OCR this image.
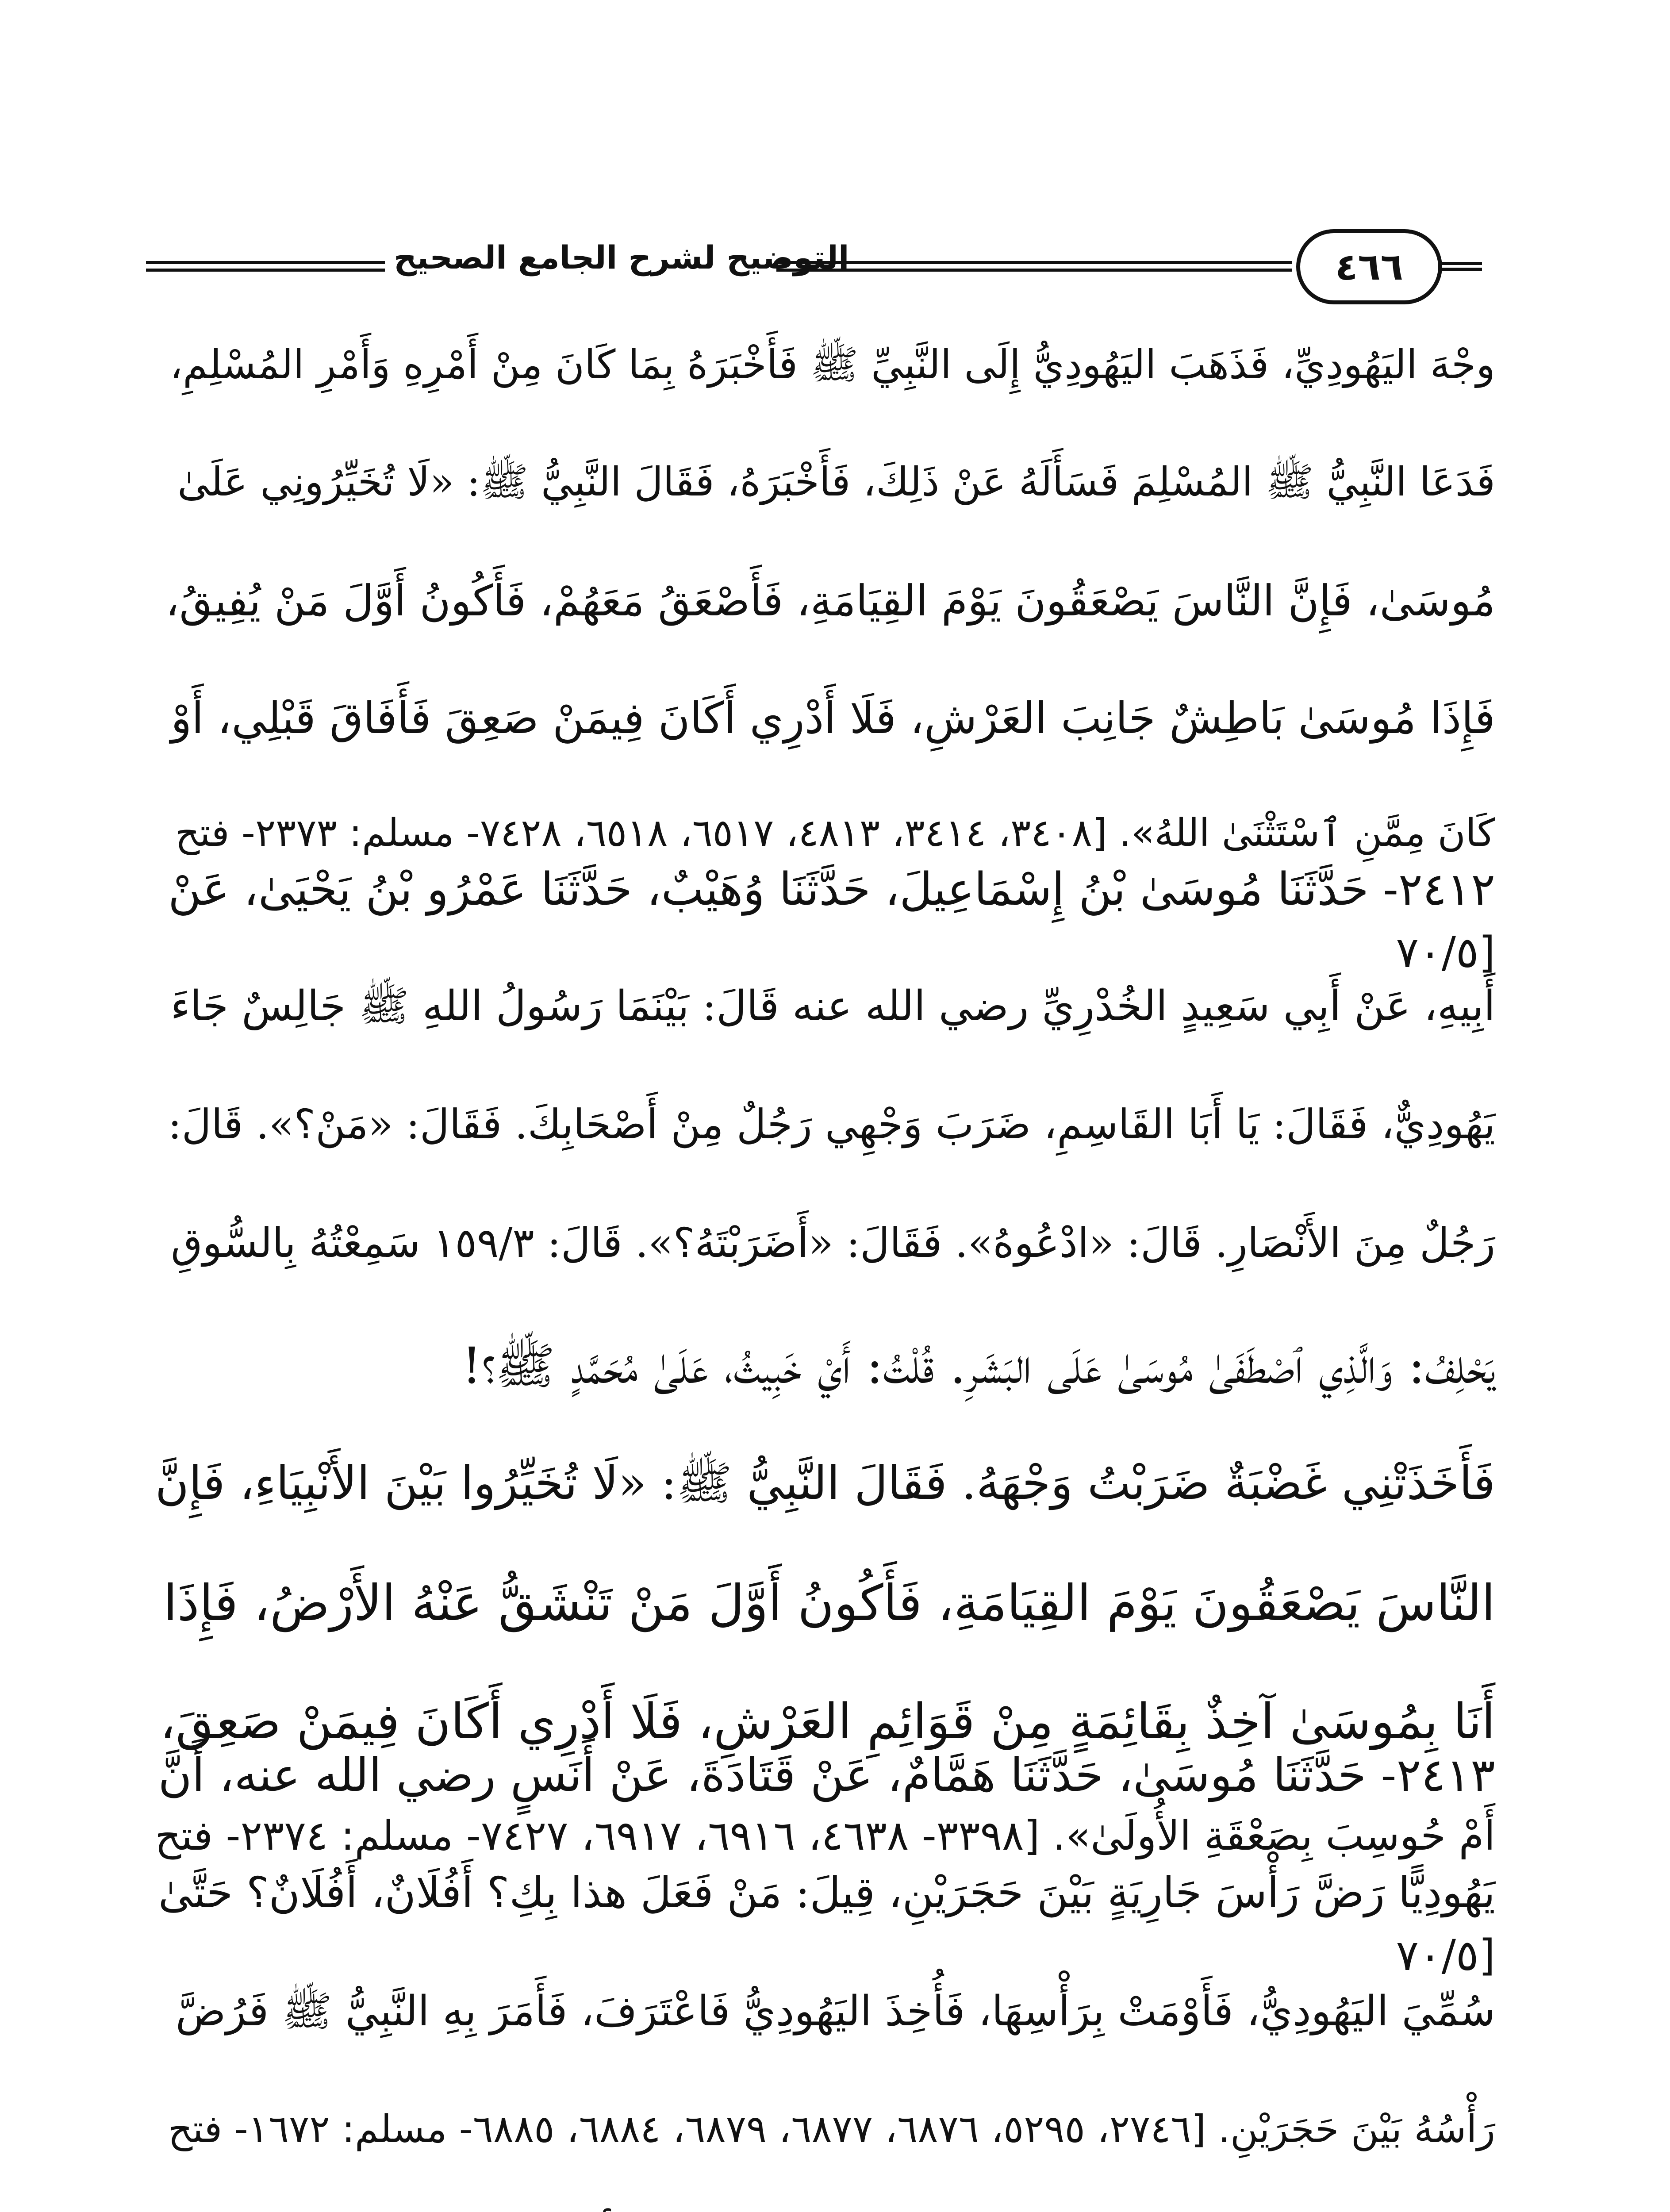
التوضيح لشرح الجامع الصحيح	٤٦٦
وجْهَ اليَهُودِيِّ، فَذَهَبَ اليَهُودِيُّ إِلَى النَّبِيِّ ﷺ فَأَخْبَرَهُ بِمَا كَانَ مِنْ أَمْرِهِ وَأَمْرِ المُسْلِمِ،
فَدَعَا النَّبِيُّ ﷺ المُسْلِمَ فَسَأَلَهُ عَنْ ذَلِكَ، فَأَخْبَرَهُ، فَقَالَ النَّبِيُّ ﷺ: «لَا تُخَيِّرُونِي عَلَىٰ
مُوسَىٰ، فَإِنَّ النَّاسَ يَصْعَقُونَ يَوْمَ القِيَامَةِ، فَأَصْعَقُ مَعَهُمْ، فَأَكُونُ أَوَّلَ مَنْ يُفِيقُ،
فَإِذَا مُوسَىٰ بَاطِشٌ جَانِبَ العَرْشِ، فَلَا أَدْرِي أَكَانَ فِيمَنْ صَعِقَ فَأَفَاقَ قَبْلِي، أَوْ
كَانَ مِمَّنِ ٱسْتَثْنَىٰ اللهُ». [٣٤٠٨، ٣٤١٤، ٤٨١٣، ٦٥١٧، ٦٥١٨، ٧٤٢٨- مسلم: ٢٣٧٣- فتح
[٧٠/٥
٢٤١٢- حَدَّثَنَا مُوسَىٰ بْنُ إِسْمَاعِيلَ، حَدَّثَنَا وُهَيْبٌ، حَدَّثَنَا عَمْرُو بْنُ يَحْيَىٰ، عَنْ
أَبِيهِ، عَنْ أَبِي سَعِيدٍ الخُدْرِيِّ رضي الله عنه قَالَ: بَيْنَمَا رَسُولُ اللهِ ﷺ جَالِسٌ جَاءَ
يَهُودِيٌّ، فَقَالَ: يَا أَبَا القَاسِمِ، ضَرَبَ وَجْهِي رَجُلٌ مِنْ أَصْحَابِكَ. فَقَالَ: «مَنْ؟». قَالَ:
رَجُلٌ مِنَ الأَنْصَارِ. قَالَ: «ادْعُوهُ». فَقَالَ: «أَضَرَبْتَهُ؟». قَالَ: ١٥٩/٣ سَمِعْتُهُ بِالسُّوقِ
يَحْلِفُ: وَالَّذِي ٱصْطَفَىٰ مُوسَىٰ عَلَى البَشَرِ. قُلْتُ: أَيْ خَبِيثُ، عَلَىٰ مُحَمَّدٍ ﷺ؟!
فَأَخَذَتْنِي غَضْبَةٌ ضَرَبْتُ وَجْهَهُ. فَقَالَ النَّبِيُّ ﷺ: «لَا تُخَيِّرُوا بَيْنَ الأَنْبِيَاءِ، فَإِنَّ
النَّاسَ يَصْعَقُونَ يَوْمَ القِيَامَةِ، فَأَكُونُ أَوَّلَ مَنْ تَنْشَقُّ عَنْهُ الأَرْضُ، فَإِذَا
أَنَا بِمُوسَىٰ آخِذٌ بِقَائِمَةٍ مِنْ قَوَائِمِ العَرْشِ، فَلَا أَدْرِي أَكَانَ فِيمَنْ صَعِقَ،
أَمْ حُوسِبَ بِصَعْقَةِ الأُولَىٰ». [٣٣٩٨- ٤٦٣٨، ٦٩١٦، ٦٩١٧، ٧٤٢٧- مسلم: ٢٣٧٤- فتح
[٧٠/٥
٢٤١٣- حَدَّثَنَا مُوسَىٰ، حَدَّثَنَا هَمَّامٌ، عَنْ قَتَادَةَ، عَنْ أَنَسٍ رضي الله عنه، أَنَّ
يَهُودِيًّا رَضَّ رَأْسَ جَارِيَةٍ بَيْنَ حَجَرَيْنِ، قِيلَ: مَنْ فَعَلَ هذا بِكِ؟ أَفُلَانٌ، أَفُلَانٌ؟ حَتَّىٰ
سُمِّيَ اليَهُودِيُّ، فَأَوْمَتْ بِرَأْسِهَا، فَأُخِذَ اليَهُودِيُّ فَاعْتَرَفَ، فَأَمَرَ بِهِ النَّبِيُّ ﷺ فَرُضَّ
رَأْسُهُ بَيْنَ حَجَرَيْنِ. [٢٧٤٦، ٥٢٩٥، ٦٨٧٦، ٦٨٧٧، ٦٨٧٩، ٦٨٨٤، ٦٨٨٥- مسلم: ١٦٧٢- فتح
